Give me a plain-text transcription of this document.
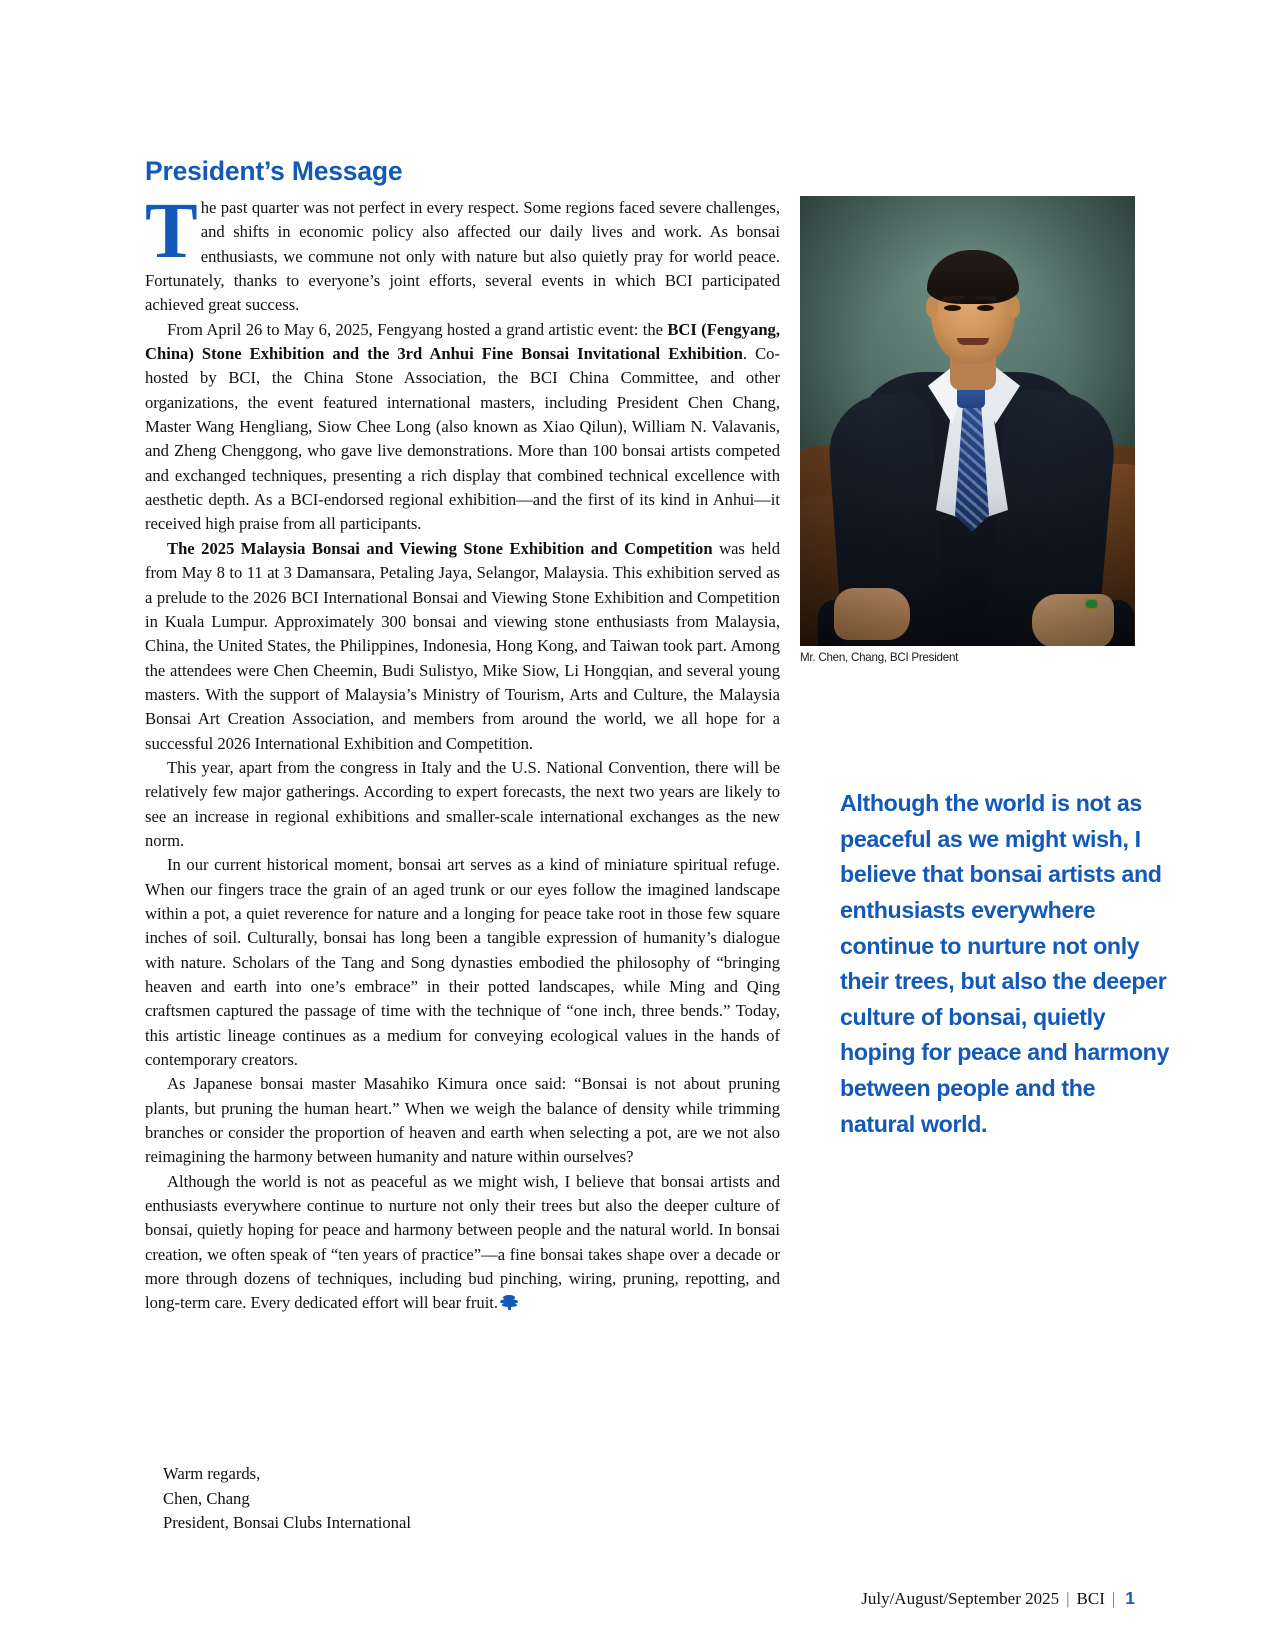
President’s Message

The past quarter was not perfect in every respect. Some regions faced severe challenges, and shifts in economic policy also affected our daily lives and work. As bonsai enthusiasts, we commune not only with nature but also quietly pray for world peace. Fortunately, thanks to everyone’s joint efforts, several events in which BCI participated achieved great success.

From April 26 to May 6, 2025, Fengyang hosted a grand artistic event: the BCI (Fengyang, China) Stone Exhibition and the 3rd Anhui Fine Bonsai Invitational Exhibition. Co-hosted by BCI, the China Stone Association, the BCI China Committee, and other organizations, the event featured international masters, including President Chen Chang, Master Wang Hengliang, Siow Chee Long (also known as Xiao Qilun), William N. Valavanis, and Zheng Chenggong, who gave live demonstrations. More than 100 bonsai artists competed and exchanged techniques, presenting a rich display that combined technical excellence with aesthetic depth. As a BCI-endorsed regional exhibition—and the first of its kind in Anhui—it received high praise from all participants.

The 2025 Malaysia Bonsai and Viewing Stone Exhibition and Competition was held from May 8 to 11 at 3 Damansara, Petaling Jaya, Selangor, Malaysia. This exhibition served as a prelude to the 2026 BCI International Bonsai and Viewing Stone Exhibition and Competition in Kuala Lumpur. Approximately 300 bonsai and viewing stone enthusiasts from Malaysia, China, the United States, the Philippines, Indonesia, Hong Kong, and Taiwan took part. Among the attendees were Chen Cheemin, Budi Sulistyo, Mike Siow, Li Hongqian, and several young masters. With the support of Malaysia’s Ministry of Tourism, Arts and Culture, the Malaysia Bonsai Art Creation Association, and members from around the world, we all hope for a successful 2026 International Exhibition and Competition.

This year, apart from the congress in Italy and the U.S. National Convention, there will be relatively few major gatherings. According to expert forecasts, the next two years are likely to see an increase in regional exhibitions and smaller-scale international exchanges as the new norm.

In our current historical moment, bonsai art serves as a kind of miniature spiritual refuge. When our fingers trace the grain of an aged trunk or our eyes follow the imagined landscape within a pot, a quiet reverence for nature and a longing for peace take root in those few square inches of soil. Culturally, bonsai has long been a tangible expression of humanity’s dialogue with nature. Scholars of the Tang and Song dynasties embodied the philosophy of “bringing heaven and earth into one’s embrace” in their potted landscapes, while Ming and Qing craftsmen captured the passage of time with the technique of “one inch, three bends.” Today, this artistic lineage continues as a medium for conveying ecological values in the hands of contemporary creators.

As Japanese bonsai master Masahiko Kimura once said: “Bonsai is not about pruning plants, but pruning the human heart.” When we weigh the balance of density while trimming branches or consider the proportion of heaven and earth when selecting a pot, are we not also reimagining the harmony between humanity and nature within ourselves?

Although the world is not as peaceful as we might wish, I believe that bonsai artists and enthusiasts everywhere continue to nurture not only their trees but also the deeper culture of bonsai, quietly hoping for peace and harmony between people and the natural world. In bonsai creation, we often speak of “ten years of practice”—a fine bonsai takes shape over a decade or more through dozens of techniques, including bud pinching, wiring, pruning, repotting, and long-term care. Every dedicated effort will bear fruit.

Warm regards,
Chen, Chang
President, Bonsai Clubs International
Mr. Chen, Chang, BCI President
Although the world is not as peaceful as we might wish, I believe that bonsai artists and enthusiasts everywhere continue to nurture not only their trees, but also the deeper culture of bonsai, quietly hoping for peace and harmony between people and the natural world.
July/August/September 2025 | BCI | 1
